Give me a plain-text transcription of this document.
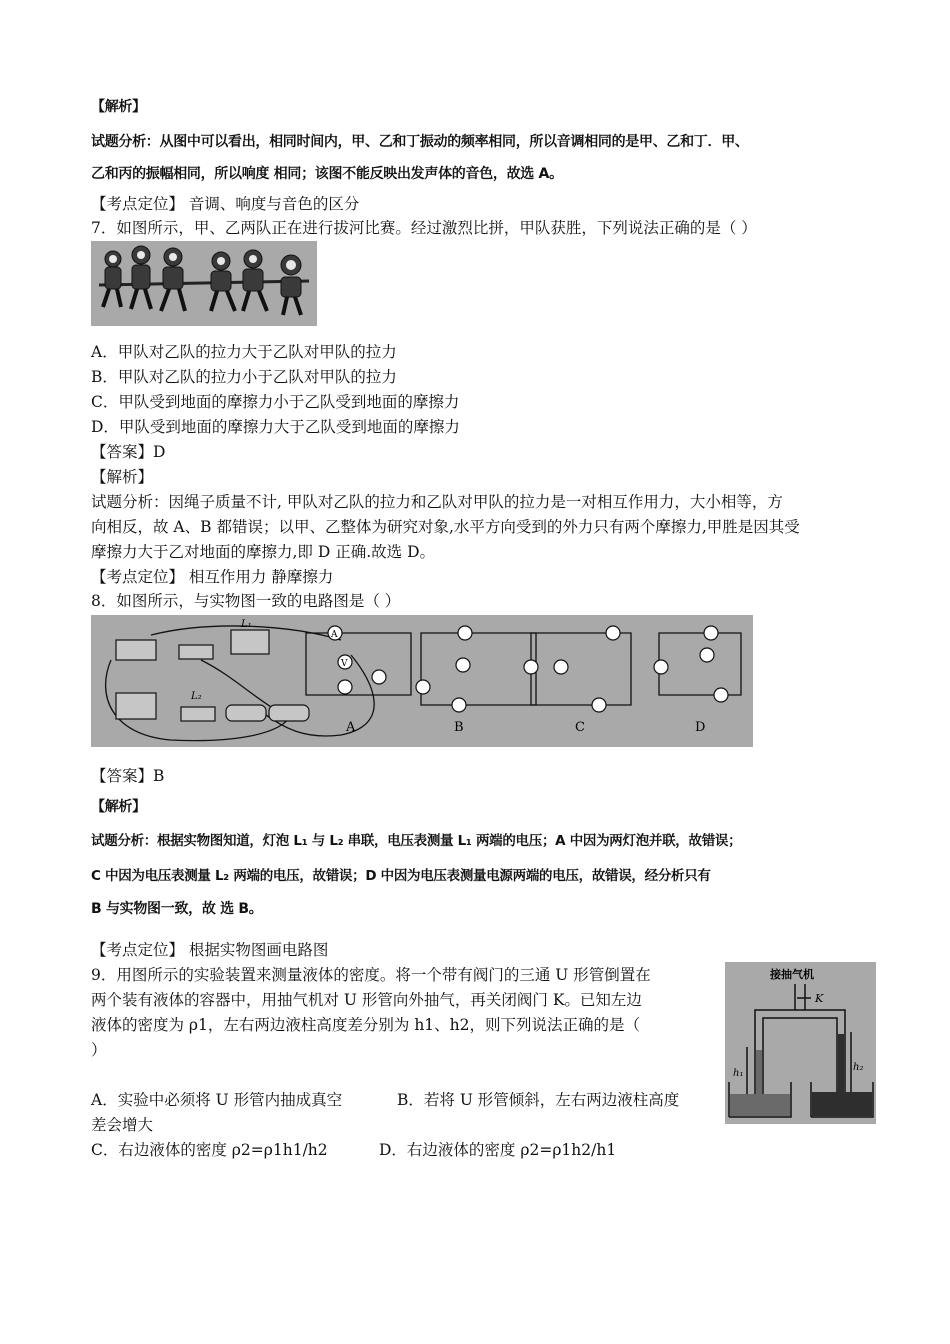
【解析】
试题分析：从图中可以看出，相同时间内，甲、乙和丁振动的频率相同，所以音调相同的是甲、乙和丁．甲、
乙和丙的振幅相同，所以响度 相同；该图不能反映出发声体的音色，故选 A。
【考点定位】 音调、响度与音色的区分
7．如图所示，甲、乙两队正在进行拔河比赛。经过激烈比拼，甲队获胜，下列说法正确的是（ ）
A．甲队对乙队的拉力大于乙队对甲队的拉力
B．甲队对乙队的拉力小于乙队对甲队的拉力
C．甲队受到地面的摩擦力小于乙队受到地面的摩擦力
D．甲队受到地面的摩擦力大于乙队受到地面的摩擦力
【答案】D
【解析】
试题分析：因绳子质量不计, 甲队对乙队的拉力和乙队对甲队的拉力是一对相互作用力，大小相等，方
向相反，故 A、B 都错误；以甲、乙整体为研究对象,水平方向受到的外力只有两个摩擦力,甲胜是因其受
摩擦力大于乙对地面的摩擦力,即 D 正确.故选 D。
【考点定位】 相互作用力 静摩擦力
8．如图所示，与实物图一致的电路图是（ ）
A	B	C	D
L₁
L₂
A
V
【答案】B
【解析】
试题分析：根据实物图知道，灯泡 L₁ 与 L₂ 串联，电压表测量 L₁ 两端的电压；A 中因为两灯泡并联，故错误；
C 中因为电压表测量 L₂ 两端的电压，故错误；D 中因为电压表测量电源两端的电压，故错误，经分析只有
B 与实物图一致，故 选 B。
【考点定位】 根据实物图画电路图
9．用图所示的实验装置来测量液体的密度。将一个带有阀门的三通 U 形管倒置在
两个装有液体的容器中，用抽气机对 U 形管向外抽气，再关闭阀门 K。已知左边
液体的密度为 ρ1，左右两边液柱高度差分别为 h1、h2，则下列说法正确的是（
）
接抽气机
K
h₁
h₂
A．实验中必须将 U 形管内抽成真空	B．若将 U 形管倾斜，左右两边液柱高度
差会增大
C．右边液体的密度 ρ2=ρ1h1/h2	D．右边液体的密度 ρ2=ρ1h2/h1
